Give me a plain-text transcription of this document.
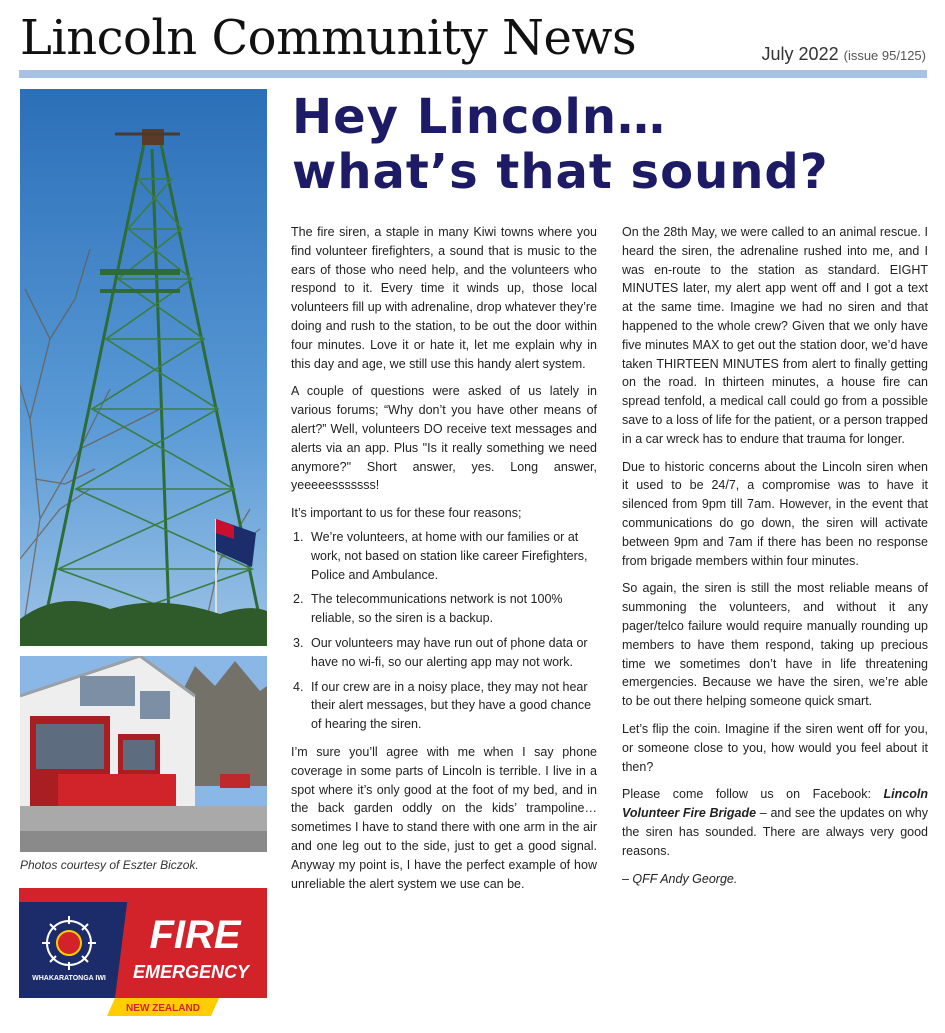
Lincoln Community News	July 2022 (issue 95/125)
Photos courtesy of Eszter Biczok.
WHAKARATONGA IWI
FIRE
EMERGENCY
NEW ZEALAND
Hey Lincoln…
what’s that sound?

The fire siren, a staple in many Kiwi towns where you find volunteer firefighters, a sound that is music to the ears of those who need help, and the volunteers who respond to it. Every time it winds up, those local volunteers fill up with adrenaline, drop whatever they’re doing and rush to the station, to be out the door within four minutes. Love it or hate it, let me explain why in this day and age, we still use this handy alert system.

A couple of questions were asked of us lately in various forums; “Why don’t you have other means of alert?” Well, volunteers DO receive text messages and alerts via an app. Plus "Is it really something we need anymore?" Short answer, yes. Long answer, yeeeeesssssss!

It’s important to us for these four reasons;

1. We’re volunteers, at home with our families or at work, not based on station like career Firefighters, Police and Ambulance.
2. The telecommunications network is not 100% reliable, so the siren is a backup.
3. Our volunteers may have run out of phone data or have no wi-fi, so our alerting app may not work.
4. If our crew are in a noisy place, they may not hear their alert messages, but they have a good chance of hearing the siren.

I’m sure you’ll agree with me when I say phone coverage in some parts of Lincoln is terrible. I live in a spot where it’s only good at the foot of my bed, and in the back garden oddly on the kids’ trampoline… sometimes I have to stand there with one arm in the air and one leg out to the side, just to get a good signal. Anyway my point is, I have the perfect example of how unreliable the alert system we use can be.

On the 28th May, we were called to an animal rescue. I heard the siren, the adrenaline rushed into me, and I was en-route to the station as standard. EIGHT MINUTES later, my alert app went off and I got a text at the same time. Imagine we had no siren and that happened to the whole crew? Given that we only have five minutes MAX to get out the station door, we’d have taken THIRTEEN MINUTES from alert to finally getting on the road. In thirteen minutes, a house fire can spread tenfold, a medical call could go from a possible save to a loss of life for the patient, or a person trapped in a car wreck has to endure that trauma for longer.

Due to historic concerns about the Lincoln siren when it used to be 24/7, a compromise was to have it silenced from 9pm till 7am. However, in the event that communications do go down, the siren will activate between 9pm and 7am if there has been no response from brigade members within four minutes.

So again, the siren is still the most reliable means of summoning the volunteers, and without it any pager/telco failure would require manually rounding up members to have them respond, taking up precious time we sometimes don’t have in life threatening emergencies. Because we have the siren, we’re able to be out there helping someone quick smart.

Let’s flip the coin. Imagine if the siren went off for you, or someone close to you, how would you feel about it then?

Please come follow us on Facebook: Lincoln Volunteer Fire Brigade – and see the updates on why the siren has sounded. There are always very good reasons.

– QFF Andy George.
